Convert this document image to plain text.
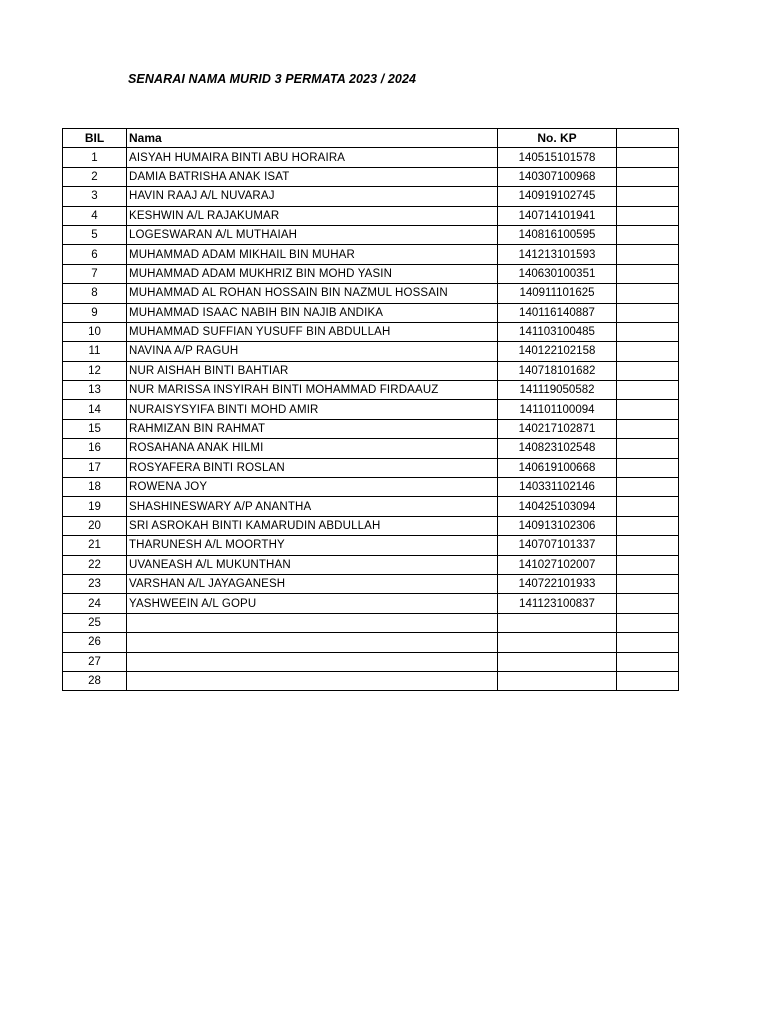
SENARAI NAMA MURID 3 PERMATA 2023 / 2024
BIL	Nama	No. KP	
1	AISYAH HUMAIRA BINTI ABU HORAIRA	140515101578	
2	DAMIA BATRISHA ANAK ISAT	140307100968	
3	HAVIN RAAJ A/L NUVARAJ	140919102745	
4	KESHWIN A/L RAJAKUMAR	140714101941	
5	LOGESWARAN A/L MUTHAIAH	140816100595	
6	MUHAMMAD ADAM MIKHAIL BIN MUHAR	141213101593	
7	MUHAMMAD ADAM MUKHRIZ BIN MOHD YASIN	140630100351	
8	MUHAMMAD AL ROHAN HOSSAIN BIN NAZMUL HOSSAIN	140911101625	
9	MUHAMMAD ISAAC NABIH BIN NAJIB ANDIKA	140116140887	
10	MUHAMMAD SUFFIAN YUSUFF BIN ABDULLAH	141103100485	
11	NAVINA A/P RAGUH	140122102158	
12	NUR AISHAH BINTI BAHTIAR	140718101682	
13	NUR MARISSA INSYIRAH BINTI MOHAMMAD FIRDAAUZ	141119050582	
14	NURAISYSYIFA BINTI MOHD AMIR	141101100094	
15	RAHMIZAN BIN RAHMAT	140217102871	
16	ROSAHANA ANAK HILMI	140823102548	
17	ROSYAFERA BINTI ROSLAN	140619100668	
18	ROWENA JOY	140331102146	
19	SHASHINESWARY A/P ANANTHA	140425103094	
20	SRI ASROKAH BINTI KAMARUDIN ABDULLAH	140913102306	
21	THARUNESH A/L MOORTHY	140707101337	
22	UVANEASH A/L MUKUNTHAN	141027102007	
23	VARSHAN A/L JAYAGANESH	140722101933	
24	YASHWEEIN A/L GOPU	141123100837	
25			
26			
27			
28			
